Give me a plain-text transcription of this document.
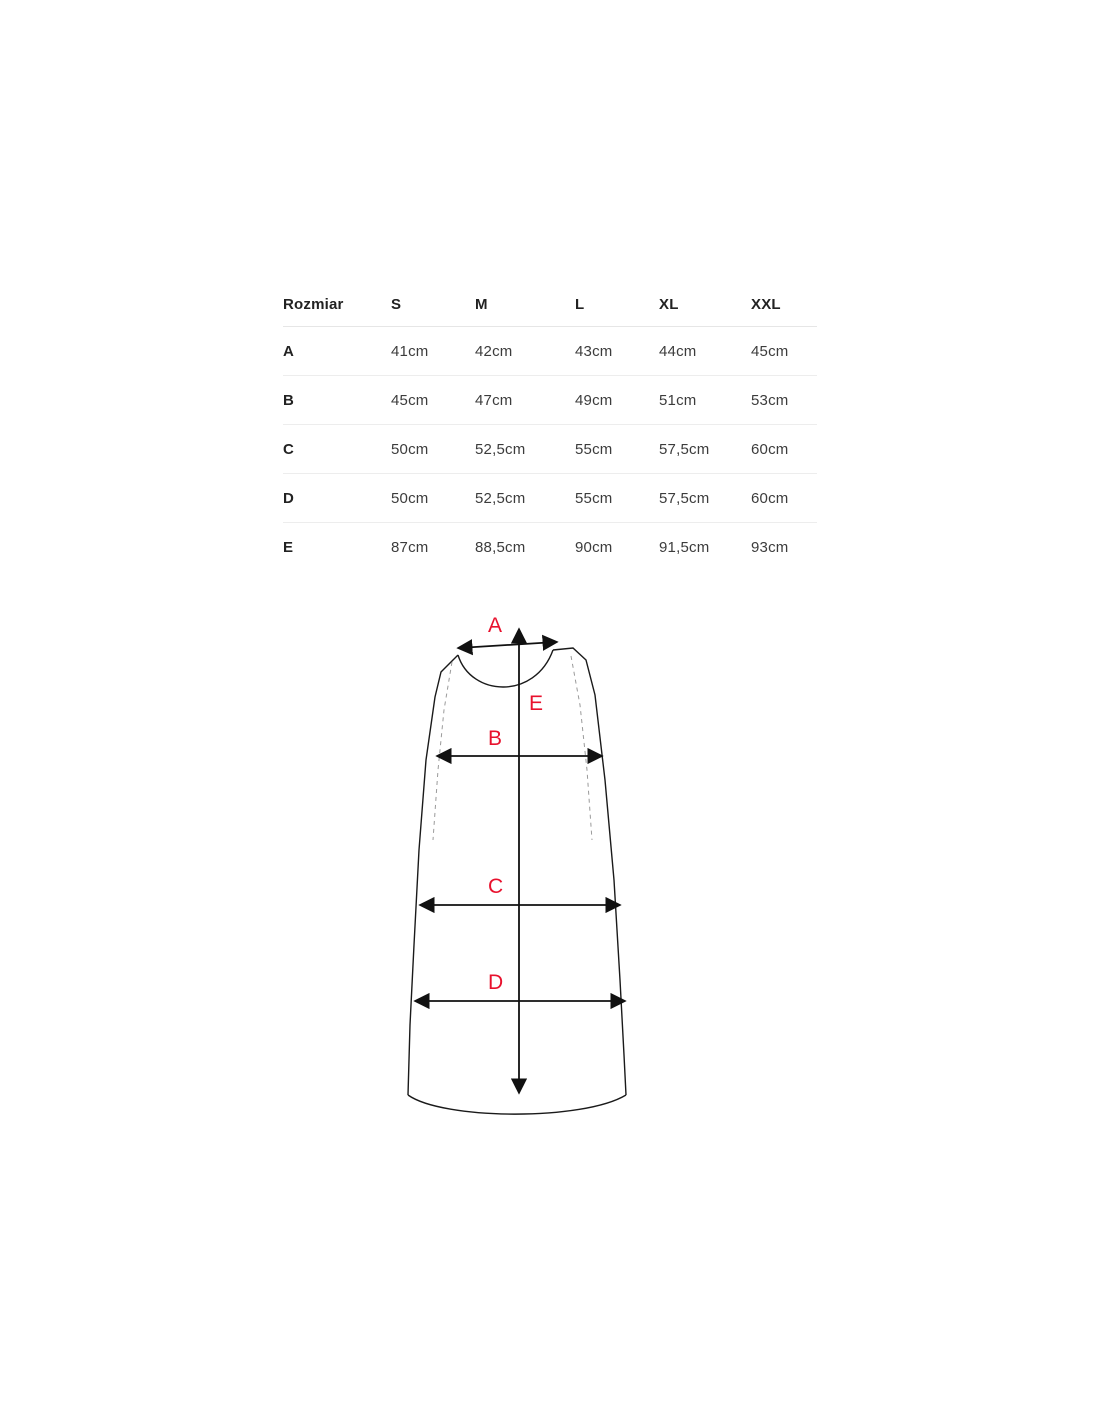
Rozmiar	S	M	L	XL	XXL
A	41cm	42cm	43cm	44cm	45cm
B	45cm	47cm	49cm	51cm	53cm
C	50cm	52,5cm	55cm	57,5cm	60cm
D	50cm	52,5cm	55cm	57,5cm	60cm
E	87cm	88,5cm	90cm	91,5cm	93cm
E
A
B
C
D
